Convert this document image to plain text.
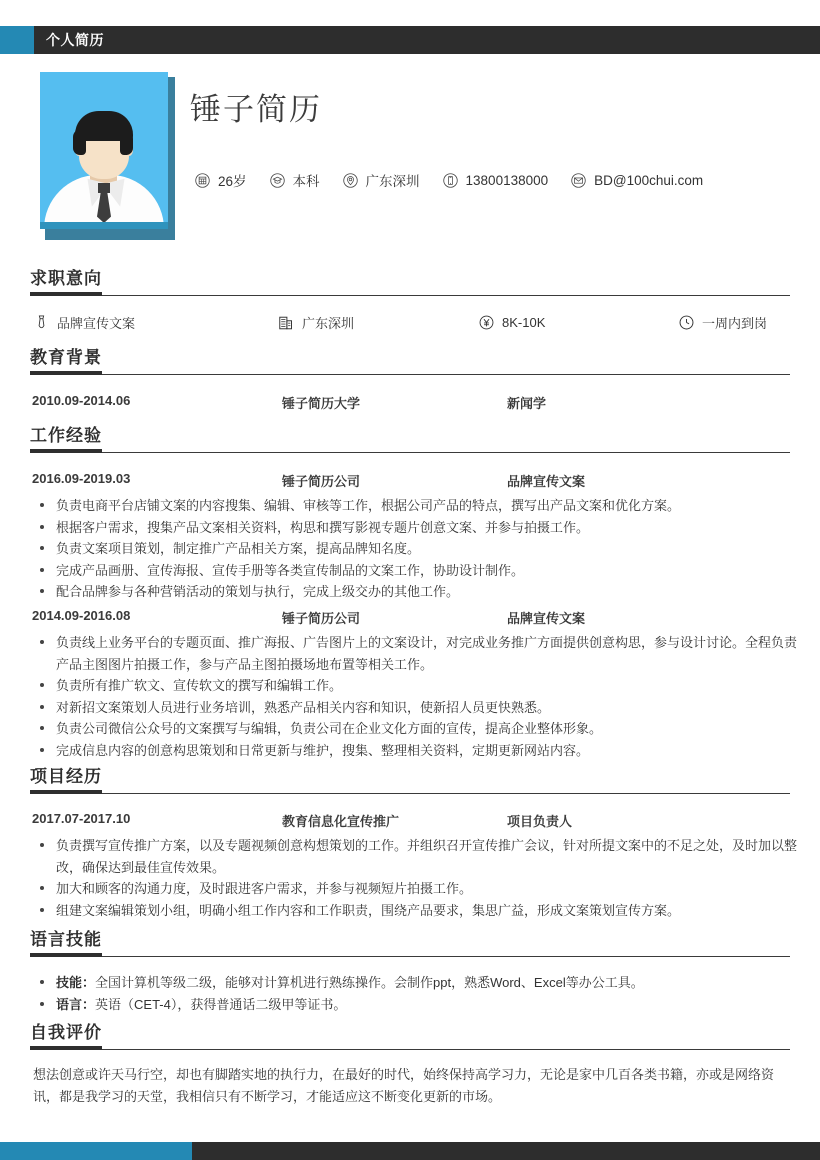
个人简历
锤子简历
26岁	本科	广东深圳	13800138000	BD@100chui.com
求职意向
品牌宣传文案	广东深圳	8K-10K	一周内到岗
教育背景
2010.09-2014.06	锤子简历大学	新闻学
工作经验
2016.09-2019.03	锤子简历公司	品牌宣传文案
负责电商平台店铺文案的内容搜集、编辑、审核等工作，根据公司产品的特点，撰写出产品文案和优化方案。
根据客户需求，搜集产品文案相关资料，构思和撰写影视专题片创意文案、并参与拍摄工作。
负责文案项目策划，制定推广产品相关方案，提高品牌知名度。
完成产品画册、宣传海报、宣传手册等各类宣传制品的文案工作，协助设计制作。
配合品牌参与各种营销活动的策划与执行，完成上级交办的其他工作。
2014.09-2016.08	锤子简历公司	品牌宣传文案
负责线上业务平台的专题页面、推广海报、广告图片上的文案设计，对完成业务推广方面提供创意构思，参与设计讨论。全程负责产品主图图片拍摄工作，参与产品主图拍摄场地布置等相关工作。
负责所有推广软文、宣传软文的撰写和编辑工作。
对新招文案策划人员进行业务培训，熟悉产品相关内容和知识，使新招人员更快熟悉。
负责公司微信公众号的文案撰写与编辑，负责公司在企业文化方面的宣传，提高企业整体形象。
完成信息内容的创意构思策划和日常更新与维护，搜集、整理相关资料，定期更新网站内容。
项目经历
2017.07-2017.10	教育信息化宣传推广	项目负责人
负责撰写宣传推广方案，以及专题视频创意构想策划的工作。并组织召开宣传推广会议，针对所提文案中的不足之处，及时加以整改，确保达到最佳宣传效果。
加大和顾客的沟通力度，及时跟进客户需求，并参与视频短片拍摄工作。
组建文案编辑策划小组，明确小组工作内容和工作职责，围绕产品要求，集思广益，形成文案策划宣传方案。
语言技能
技能：全国计算机等级二级，能够对计算机进行熟练操作。会制作ppt，熟悉Word、Excel等办公工具。
语言：英语（CET-4），获得普通话二级甲等证书。
自我评价
想法创意或许天马行空，却也有脚踏实地的执行力，在最好的时代，始终保持高学习力，无论是家中几百各类书籍，亦或是网络资讯，都是我学习的天堂，我相信只有不断学习，才能适应这不断变化更新的市场。
